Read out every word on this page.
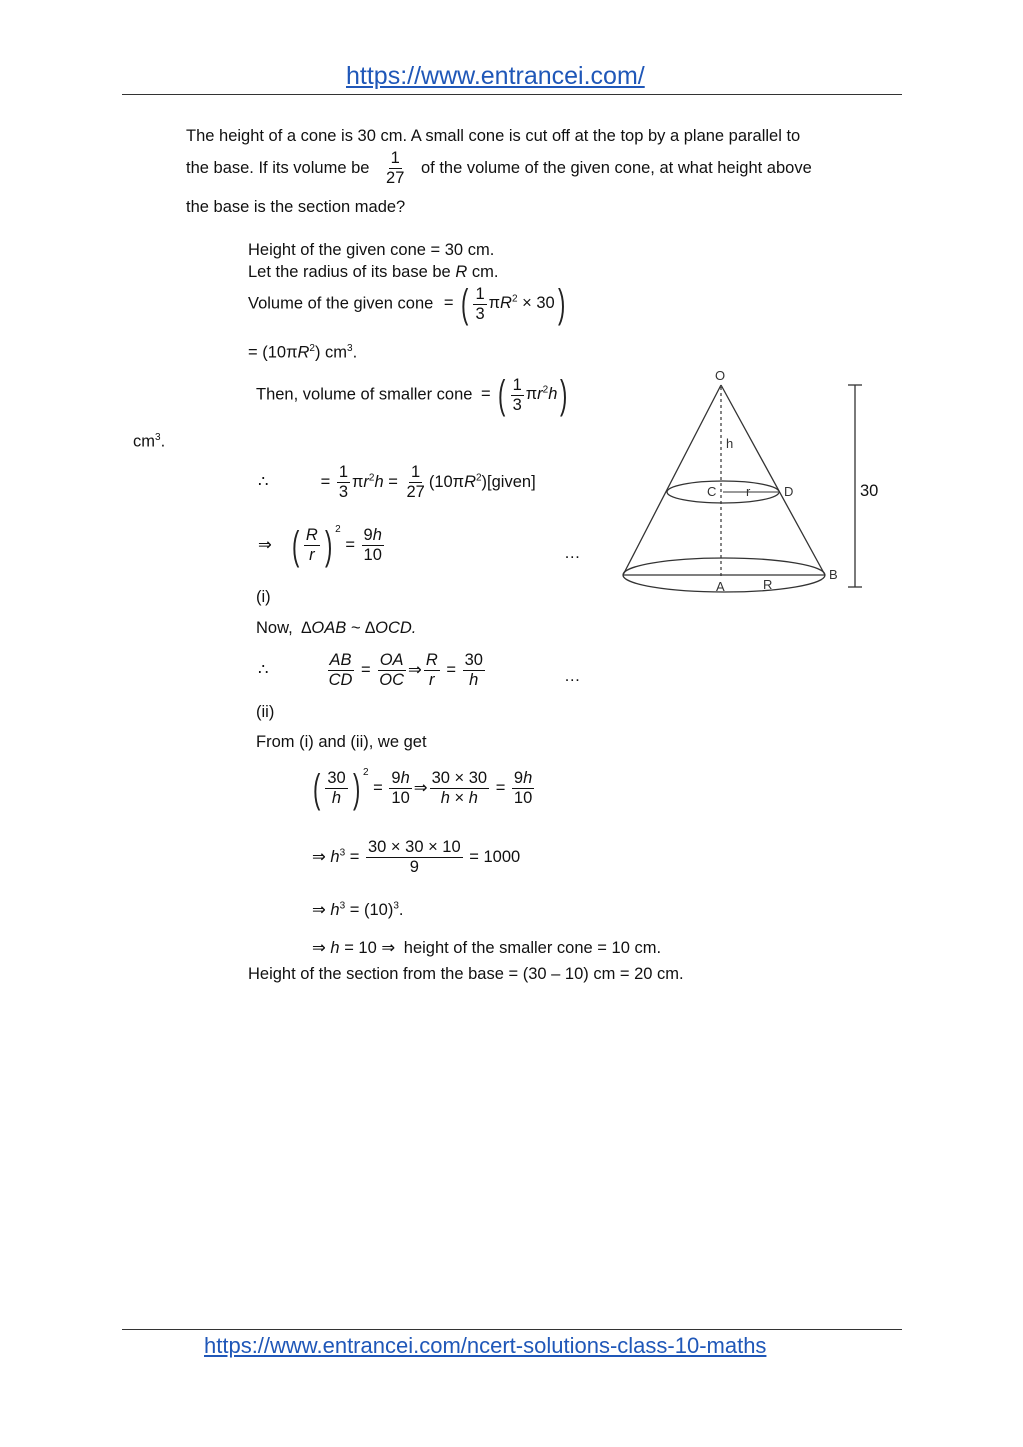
https://www.entrancei.com/
The height of a cone is 30 cm. A small cone is cut off at the top by a plane parallel to
the base. If its volume be $\frac{1}{27}$ of the volume of the given cone, at what height above
the base is the section made?
Height of the given cone = 30 cm.
Let the radius of its base be R cm.
Volume of the given cone = ( $\frac{1}{3} \pi R^2 \times 30$)
= $(10\pi R^2)$ $cm^3$.
Then, volume of smaller cone = ( $\frac{1}{3} \pi r^2h$)
$cm^3$.
∴	= $\frac{1}{3} \pi r^2h = \frac{1}{27}$ $(10\pi R^2)[given]$
⇒ ( $\frac{R}{r}$ ) $^2 = \frac{9h}{10}$	…
(i)
Now, ∆OAB ~ ∆OCD.
∴	$\frac{AB}{CD} = \frac{OA}{OC}$ ⇒ $\frac{R}{r} = \frac{30}{h}$	…
(ii)
From (i) and (ii), we get
( $\frac{30}{h}$ ) $^2 = \frac{9h}{10}$ ⇒ $\frac{30 \times 30}{h \times h} = \frac{9h}{10}$
⇒ $h^3 = \frac{30 \times 30 \times 10}{9} = 1000$
⇒ $h^3 = (10)^3$.
⇒ h = 10 ⇒ height of the smaller cone = 10 cm.
Height of the section from the base = (30 – 10) cm = 20 cm.
O
h
C r	D
A	R
B
30
https://www.entrancei.com/ncert-solutions-class-10-maths
